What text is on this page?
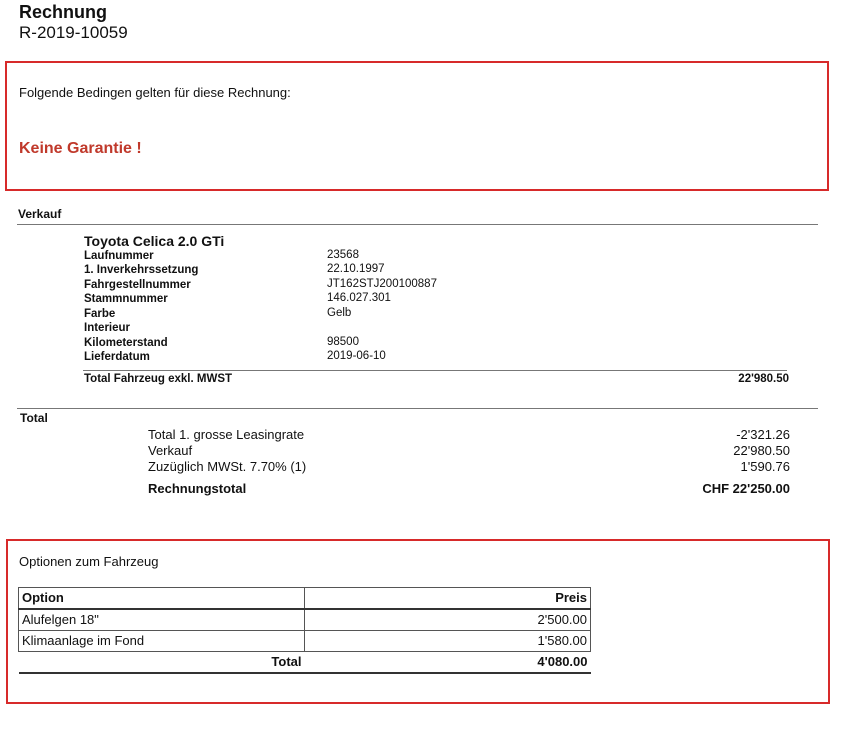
Rechnung
R-2019-10059
Folgende Bedingen gelten für diese Rechnung:
Keine Garantie !
Verkauf
Toyota Celica 2.0 GTi
Laufnummer	23568
1. Inverkehrssetzung	22.10.1997
Fahrgestellnummer	JT162STJ200100887
Stammnummer	146.027.301
Farbe	Gelb
Interieur
Kilometerstand	98500
Lieferdatum	2019-06-10
Total Fahrzeug exkl. MWST	22'980.50
Total
Total 1. grosse Leasingrate	-2'321.26
Verkauf	22'980.50
Zuzüglich MWSt. 7.70% (1)	1'590.76
Rechnungstotal	CHF 22'250.00
Optionen zum Fahrzeug
Option	Preis
Alufelgen 18"	2'500.00
Klimaanlage im Fond	1'580.00
Total	4'080.00
